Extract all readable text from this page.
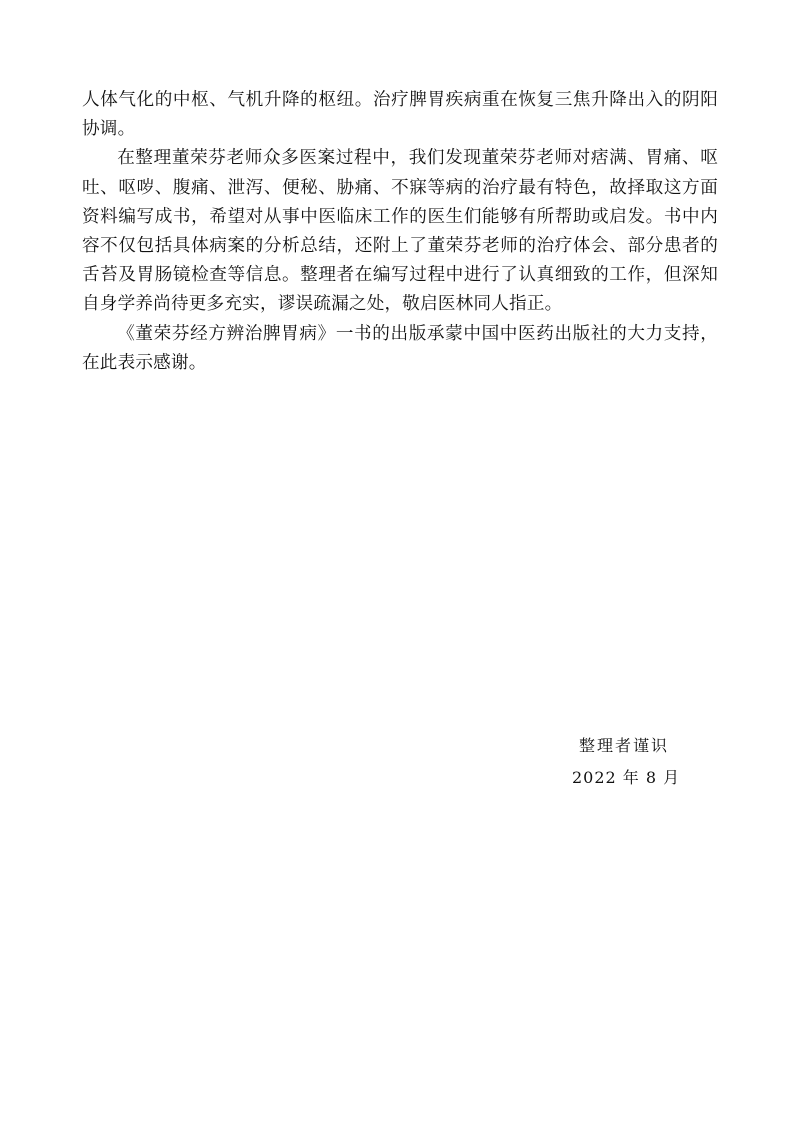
人体气化的中枢、气机升降的枢纽。治疗脾胃疾病重在恢复三焦升降出入的阴阳协调。

在整理董荣芬老师众多医案过程中，我们发现董荣芬老师对痞满、胃痛、呕吐、呕哕、腹痛、泄泻、便秘、胁痛、不寐等病的治疗最有特色，故择取这方面资料编写成书，希望对从事中医临床工作的医生们能够有所帮助或启发。书中内容不仅包括具体病案的分析总结，还附上了董荣芬老师的治疗体会、部分患者的舌苔及胃肠镜检查等信息。整理者在编写过程中进行了认真细致的工作，但深知自身学养尚待更多充实，谬误疏漏之处，敬启医林同人指正。

《董荣芬经方辨治脾胃病》一书的出版承蒙中国中医药出版社的大力支持，在此表示感谢。

整理者谨识
2022 年 8 月
